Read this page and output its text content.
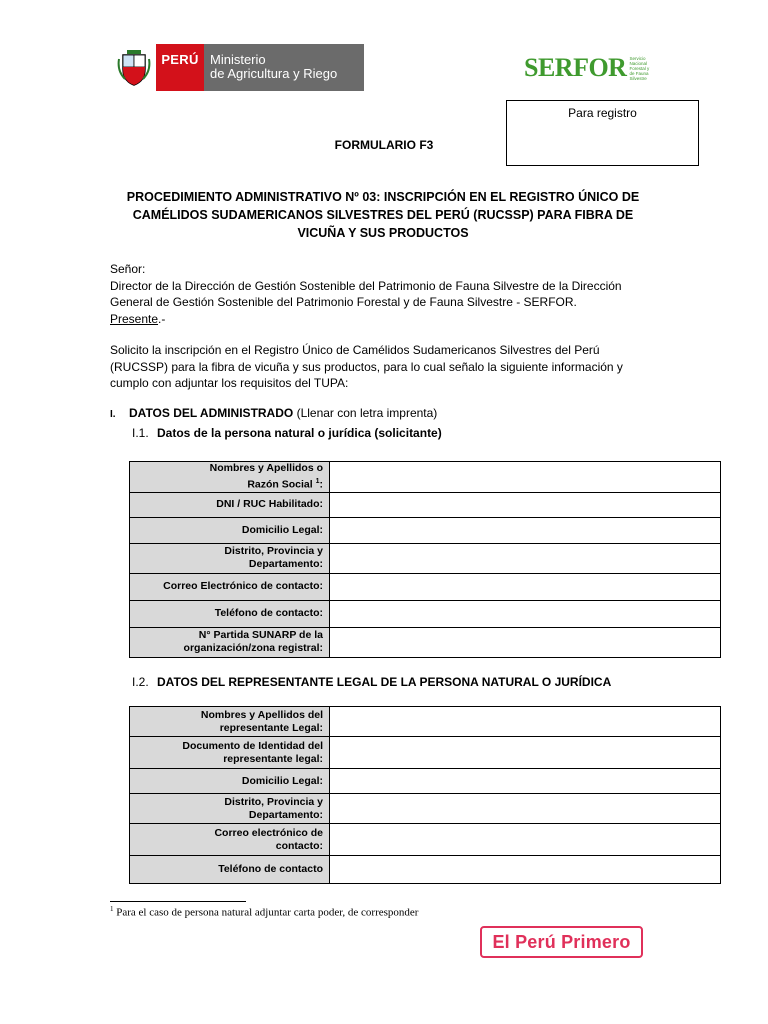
PERÚ Ministerio
de Agricultura y Riego	SERFOR Servicio Nacional Forestal y de Fauna Silvestre
Para registro
FORMULARIO F3
PROCEDIMIENTO ADMINISTRATIVO Nº 03: INSCRIPCIÓN EN EL REGISTRO ÚNICO DE CAMÉLIDOS SUDAMERICANOS SILVESTRES DEL PERÚ (RUCSSP) PARA FIBRA DE VICUÑA Y SUS PRODUCTOS
Señor:
Director de la Dirección de Gestión Sostenible del Patrimonio de Fauna Silvestre de la Dirección General de Gestión Sostenible del Patrimonio Forestal y de Fauna Silvestre - SERFOR.
Presente.-
Solicito la inscripción en el Registro Único de Camélidos Sudamericanos Silvestres del Perú (RUCSSP) para la fibra de vicuña y sus productos, para lo cual señalo la siguiente información y cumplo con adjuntar los requisitos del TUPA:
I. DATOS DEL ADMINISTRADO (Llenar con letra imprenta)
I.1. Datos de la persona natural o jurídica (solicitante)
Nombres y Apellidos o
Razón Social $^1$:	
DNI / RUC Habilitado:	
Domicilio Legal:	
Distrito, Provincia y
Departamento:	
Correo Electrónico de contacto:	
Teléfono de contacto:	
N° Partida SUNARP de la
organización/zona registral:	
I.2. DATOS DEL REPRESENTANTE LEGAL DE LA PERSONA NATURAL O JURÍDICA
Nombres y Apellidos del
representante Legal:	
Documento de Identidad del
representante legal:	
Domicilio Legal:	
Distrito, Provincia y
Departamento:	
Correo electrónico de
contacto:	
Teléfono de contacto	
$^1$ Para el caso de persona natural adjuntar carta poder, de corresponder
El Perú Primero
